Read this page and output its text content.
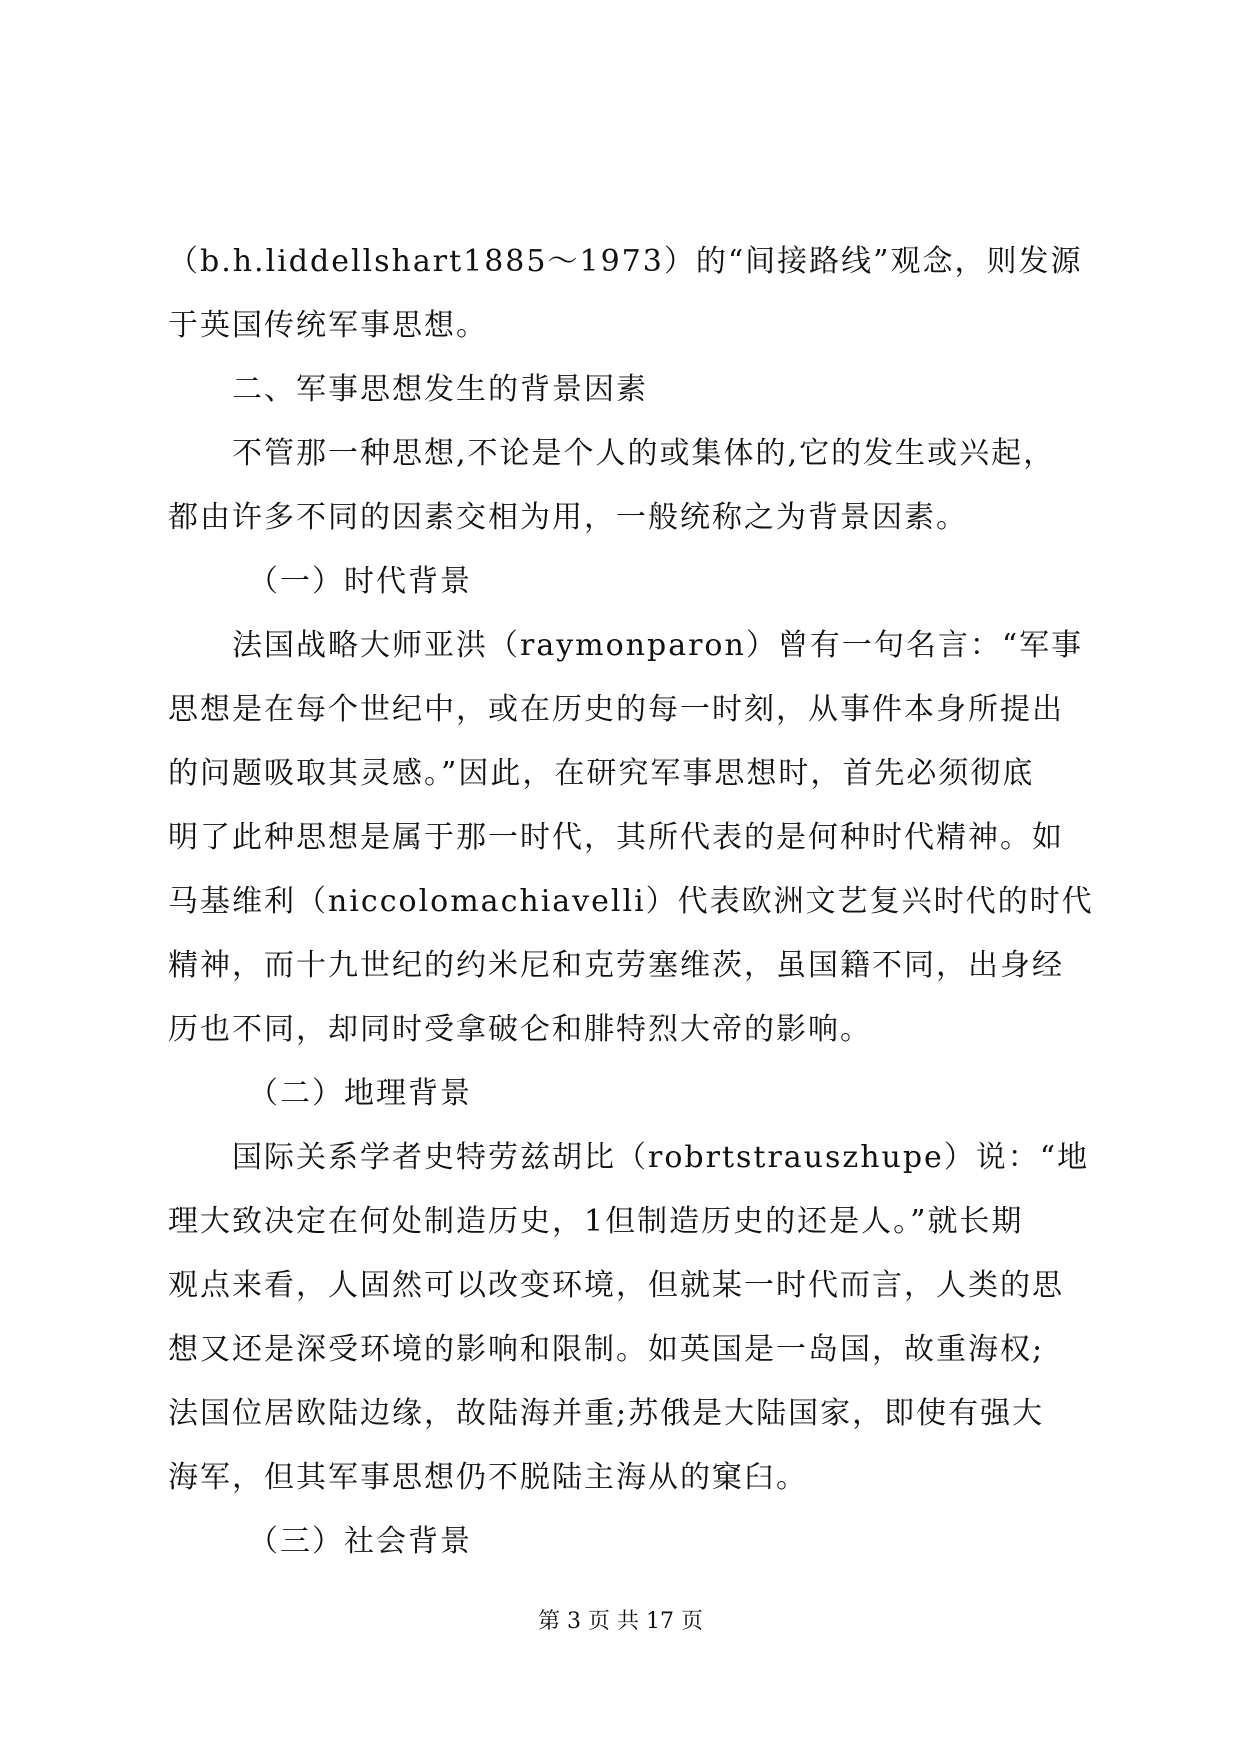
（b.h.liddellshart1885～1973）的“间接路线”观念，则发源
于英国传统军事思想。
二、军事思想发生的背景因素
不管那一种思想,不论是个人的或集体的,它的发生或兴起，
都由许多不同的因素交相为用，一般统称之为背景因素。
（一）时代背景
法国战略大师亚洪（raymonparon）曾有一句名言：“军事
思想是在每个世纪中，或在历史的每一时刻，从事件本身所提出
的问题吸取其灵感。”因此，在研究军事思想时，首先必须彻底
明了此种思想是属于那一时代，其所代表的是何种时代精神。如
马基维利（niccolomachiavelli）代表欧洲文艺复兴时代的时代
精神，而十九世纪的约米尼和克劳塞维茨，虽国籍不同，出身经
历也不同，却同时受拿破仑和腓特烈大帝的影响。
（二）地理背景
国际关系学者史特劳兹胡比（robrtstrauszhupe）说：“地
理大致决定在何处制造历史，1但制造历史的还是人。”就长期
观点来看，人固然可以改变环境，但就某一时代而言，人类的思
想又还是深受环境的影响和限制。如英国是一岛国，故重海权;
法国位居欧陆边缘，故陆海并重;苏俄是大陆国家，即使有强大
海军，但其军事思想仍不脱陆主海从的窠臼。
（三）社会背景
第 3 页 共 17 页
